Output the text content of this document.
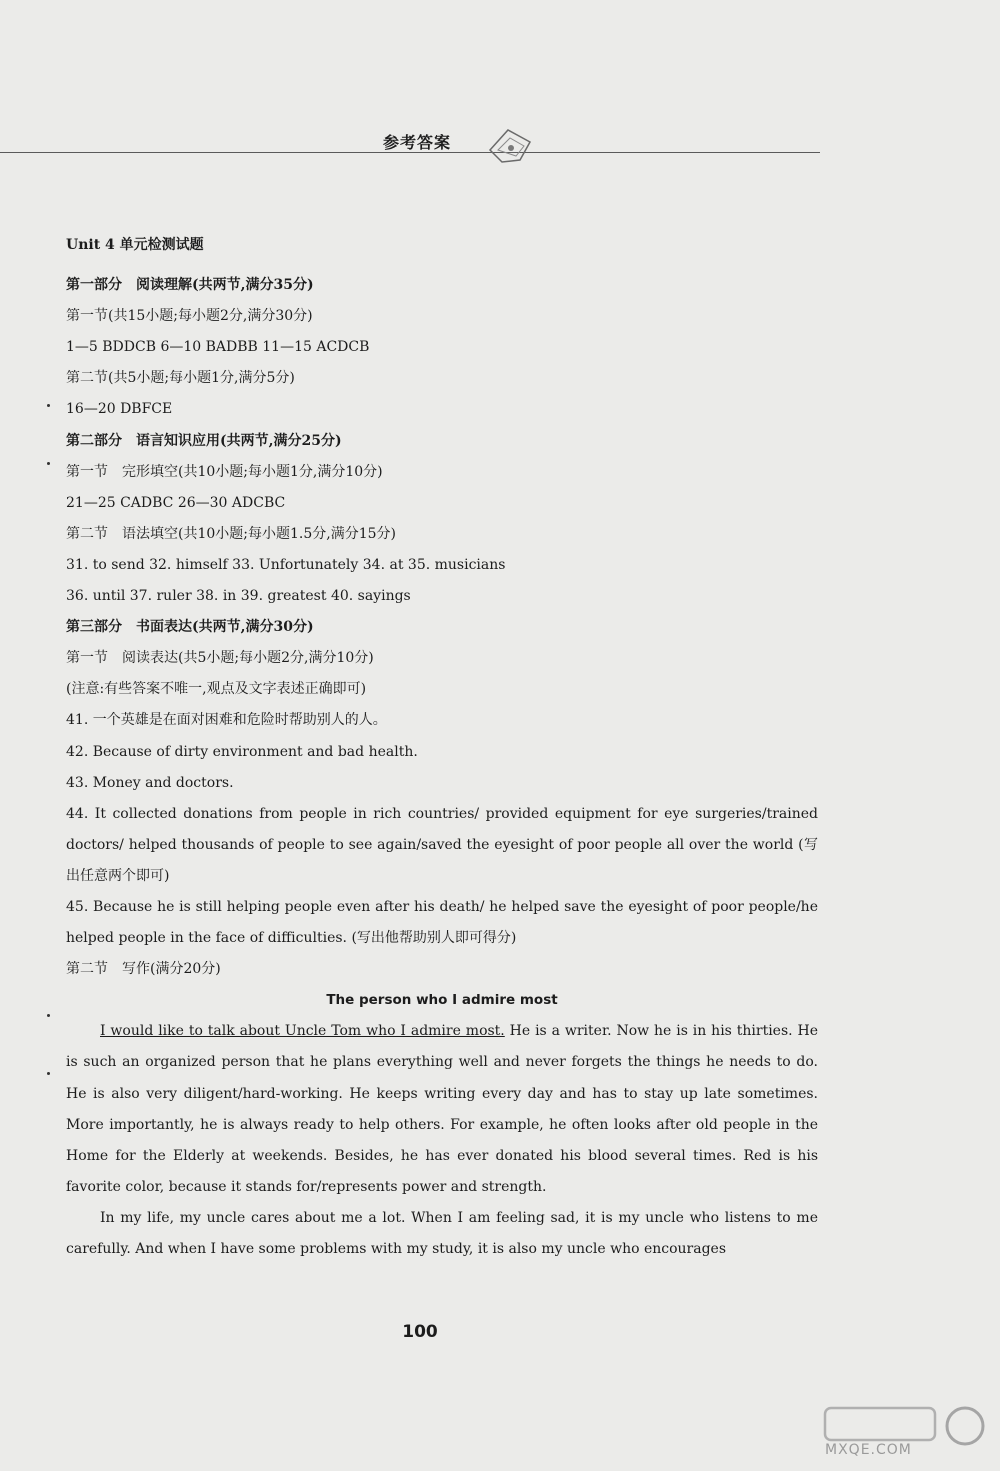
参考答案
Unit 4 单元检测试题
第一部分　阅读理解(共两节,满分35分)
第一节(共15小题;每小题2分,满分30分)
1—5 BDDCB 6—10 BADBB 11—15 ACDCB
第二节(共5小题;每小题1分,满分5分)
16—20 DBFCE
第二部分　语言知识应用(共两节,满分25分)
第一节　完形填空(共10小题;每小题1分,满分10分)
21—25 CADBC 26—30 ADCBC
第二节　语法填空(共10小题;每小题1.5分,满分15分)
31. to send 32. himself 33. Unfortunately 34. at 35. musicians
36. until 37. ruler 38. in 39. greatest 40. sayings
第三部分　书面表达(共两节,满分30分)
第一节　阅读表达(共5小题;每小题2分,满分10分)
(注意:有些答案不唯一,观点及文字表述正确即可)
41. 一个英雄是在面对困难和危险时帮助别人的人。
42. Because of dirty environment and bad health.
43. Money and doctors.
44. It collected donations from people in rich countries/ provided equipment for eye surgeries/trained doctors/ helped thousands of people to see again/saved the eyesight of poor people all over the world (写出任意两个即可)
45. Because he is still helping people even after his death/ he helped save the eyesight of poor people/he helped people in the face of difficulties. (写出他帮助别人即可得分)
第二节　写作(满分20分)
The person who I admire most
I would like to talk about Uncle Tom who I admire most. He is a writer. Now he is in his thirties. He is such an organized person that he plans everything well and never forgets the things he needs to do. He is also very diligent/hard-working. He keeps writing every day and has to stay up late sometimes. More importantly, he is always ready to help others. For example, he often looks after old people in the Home for the Elderly at weekends. Besides, he has ever donated his blood several times. Red is his favorite color, because it stands for/represents power and strength.
In my life, my uncle cares about me a lot. When I am feeling sad, it is my uncle who listens to me carefully. And when I have some problems with my study, it is also my uncle who encourages
100
MXQE.COM
